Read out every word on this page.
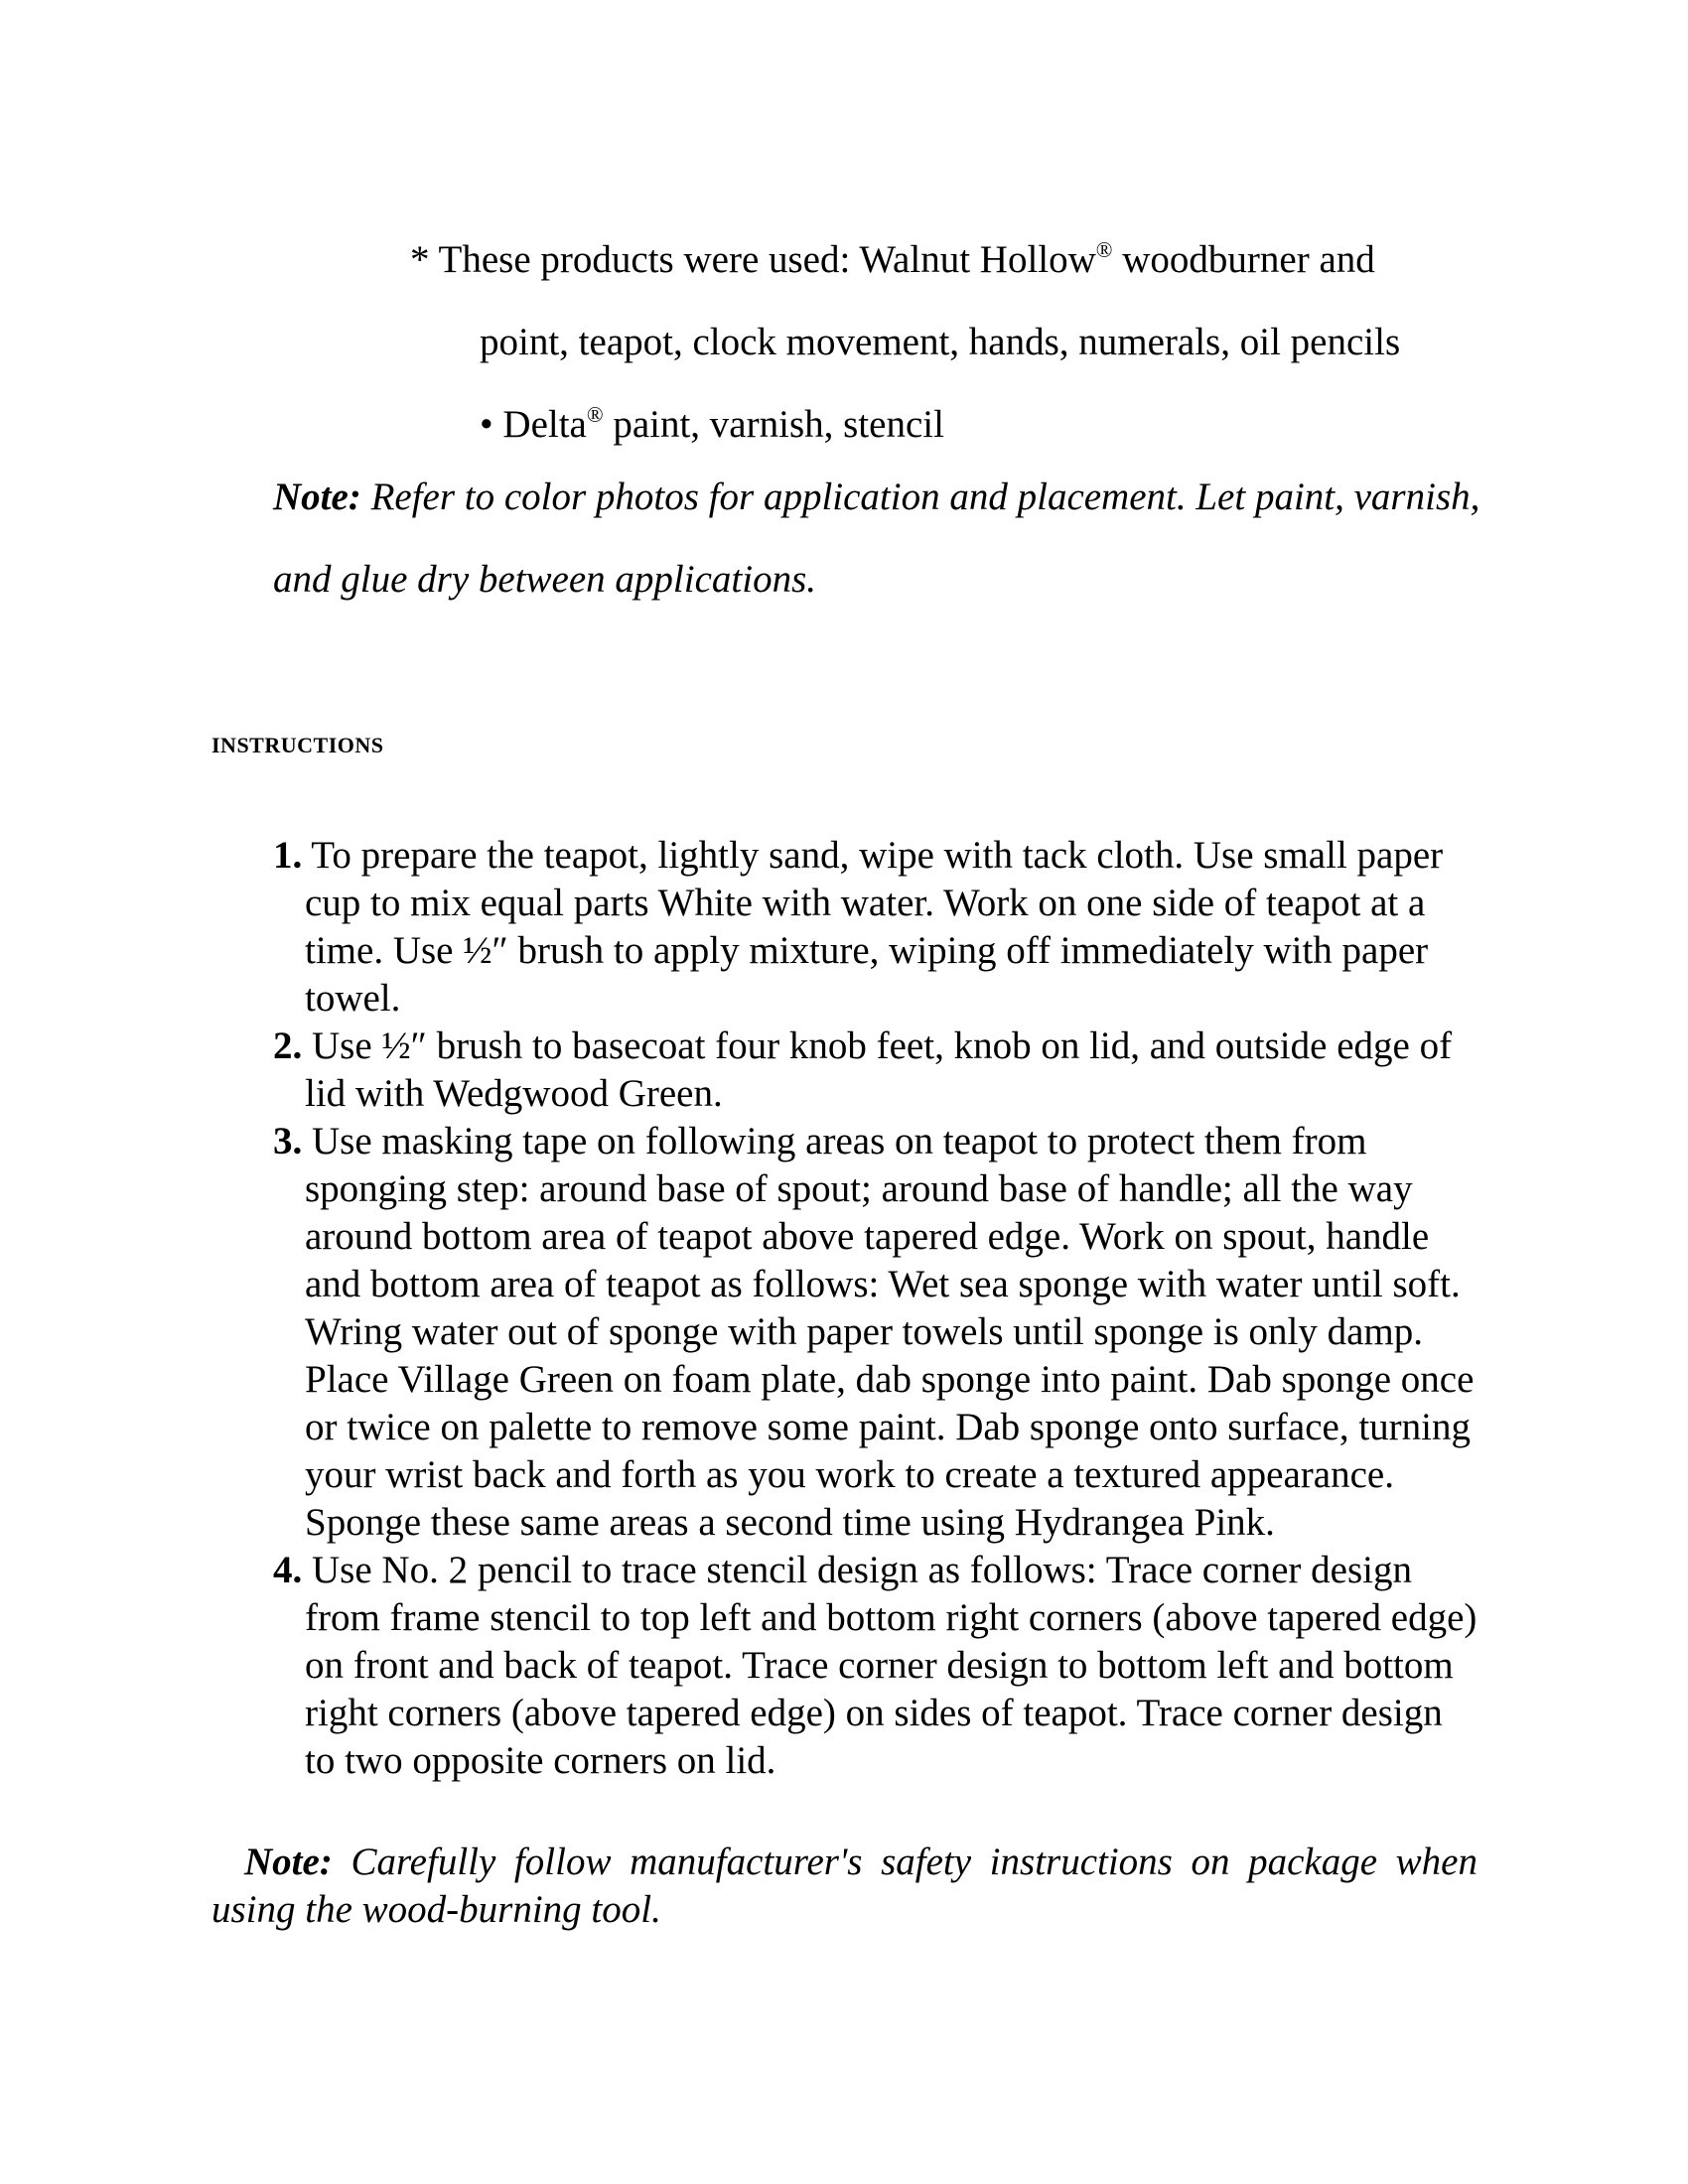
* These products were used: Walnut Hollow® woodburner and
point, teapot, clock movement, hands, numerals, oil pencils
• Delta® paint, varnish, stencil

Note: Refer to color photos for application and placement. Let paint, varnish, and glue dry between applications.

INSTRUCTIONS
1. To prepare the teapot, lightly sand, wipe with tack cloth. Use small paper cup to mix equal parts White with water. Work on one side of teapot at a time. Use ½″ brush to apply mixture, wiping off immediately with paper towel.
2. Use ½″ brush to basecoat four knob feet, knob on lid, and outside edge of lid with Wedgwood Green.
3. Use masking tape on following areas on teapot to protect them from sponging step: around base of spout; around base of handle; all the way around bottom area of teapot above tapered edge. Work on spout, handle and bottom area of teapot as follows: Wet sea sponge with water until soft. Wring water out of sponge with paper towels until sponge is only damp. Place Village Green on foam plate, dab sponge into paint. Dab sponge once or twice on palette to remove some paint. Dab sponge onto surface, turning your wrist back and forth as you work to create a textured appearance. Sponge these same areas a second time using Hydrangea Pink.
4. Use No. 2 pencil to trace stencil design as follows: Trace corner design from frame stencil to top left and bottom right corners (above tapered edge) on front and back of teapot. Trace corner design to bottom left and bottom right corners (above tapered edge) on sides of teapot. Trace corner design to two opposite corners on lid.

Note: Carefully follow manufacturer's safety instructions on package when using the wood-burning tool.
